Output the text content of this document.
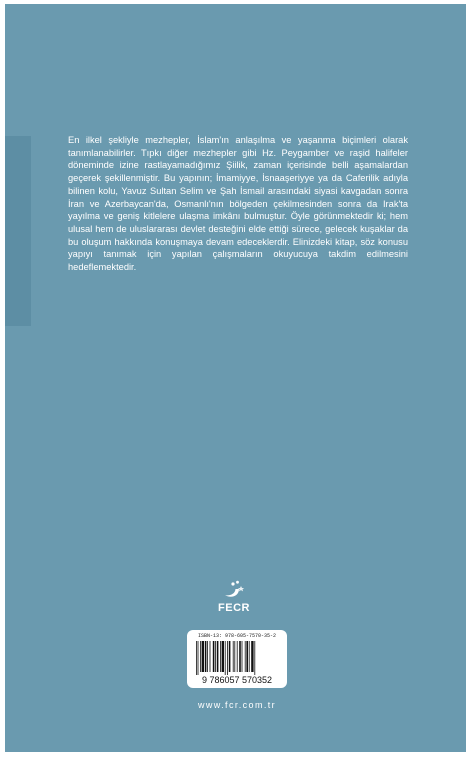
En ilkel şekliyle mezhepler, İslam'ın anlaşılma ve yaşanma biçimleri olarak tanımlanabilirler. Tıpkı diğer mezhepler gibi Hz. Peygamber ve raşid halifeler döneminde izine rastlayamadığımız Şiilik, zaman içerisinde belli aşamalardan geçerek şekillenmiştir. Bu yapının; İmamiyye, İsnaaşeriyye ya da Caferilik adıyla bilinen kolu, Yavuz Sultan Selim ve Şah İsmail arasındaki siyasi kavgadan sonra İran ve Azerbaycan'da, Osmanlı'nın bölgeden çekilmesinden sonra da Irak'ta yayılma ve geniş kitlelere ulaşma imkânı bulmuştur. Öyle görünmektedir ki; hem ulusal hem de uluslararası devlet desteğini elde ettiği sürece, gelecek kuşaklar da bu oluşum hakkında konuşmaya devam edeceklerdir. Elinizdeki kitap, söz konusu yapıyı tanımak için yapılan çalışmaların okuyucuya takdim edilmesini hedeflemektedir.

FECR
ISBN-13: 978-605-7570-35-2
9 786057 570352
www.fcr.com.tr
